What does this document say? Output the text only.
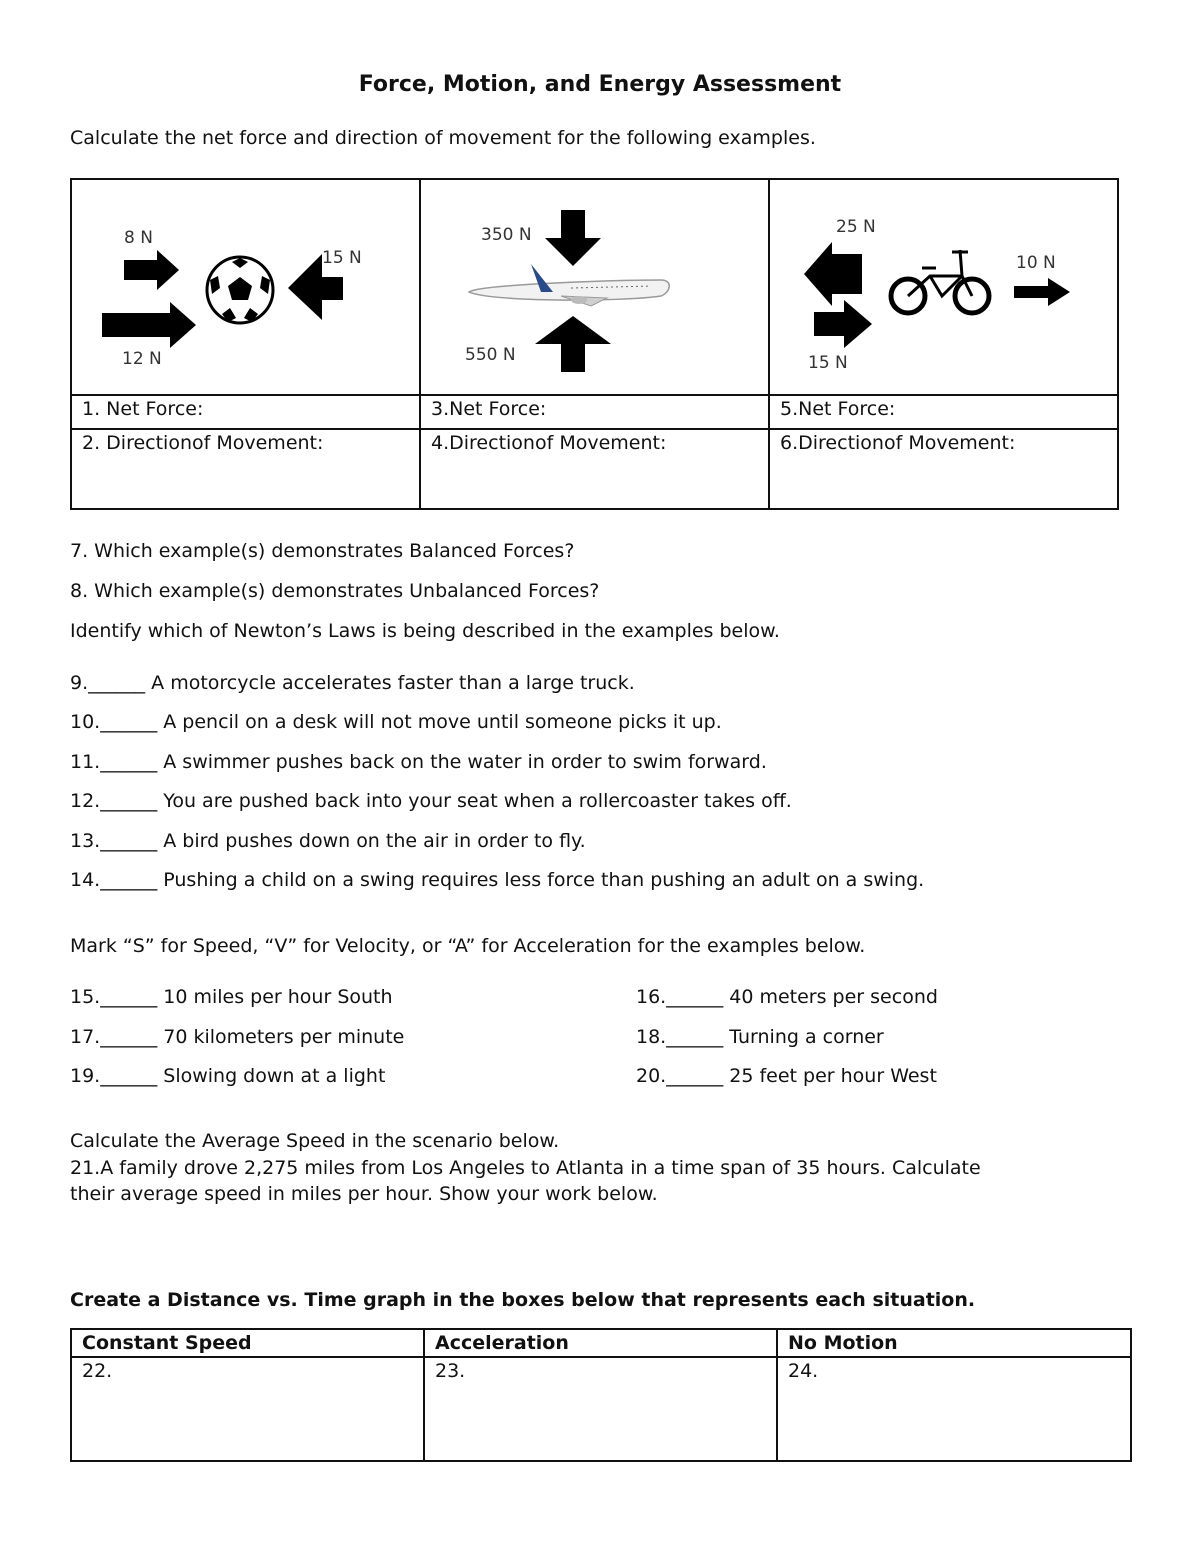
Force, Motion, and Energy Assessment
Calculate the net force and direction of movement for the following examples.
8 N
12 N
15 N	350 N
550 N	25 N
15 N
10 N

1. Net Force:	3.Net Force:	5.Net Force:
2. Directionof Movement:	4.Directionof Movement:	6.Directionof Movement:
7. Which example(s) demonstrates Balanced Forces?
8. Which example(s) demonstrates Unbalanced Forces?
Identify which of Newton’s Laws is being described in the examples below.
9.______ A motorcycle accelerates faster than a large truck.
10.______ A pencil on a desk will not move until someone picks it up.
11.______ A swimmer pushes back on the water in order to swim forward.
12.______ You are pushed back into your seat when a rollercoaster takes off.
13.______ A bird pushes down on the air in order to fly.
14.______ Pushing a child on a swing requires less force than pushing an adult on a swing.
Mark “S” for Speed, “V” for Velocity, or “A” for Acceleration for the examples below.
15.______ 10 miles per hour South	16.______ 40 meters per second
17.______ 70 kilometers per minute	18.______ Turning a corner
19.______ Slowing down at a light	20.______ 25 feet per hour West
Calculate the Average Speed in the scenario below.
21.A family drove 2,275 miles from Los Angeles to Atlanta in a time span of 35 hours. Calculate
their average speed in miles per hour. Show your work below.
Create a Distance vs. Time graph in the boxes below that represents each situation.
Constant Speed	Acceleration	No Motion
22.	23.	24.
